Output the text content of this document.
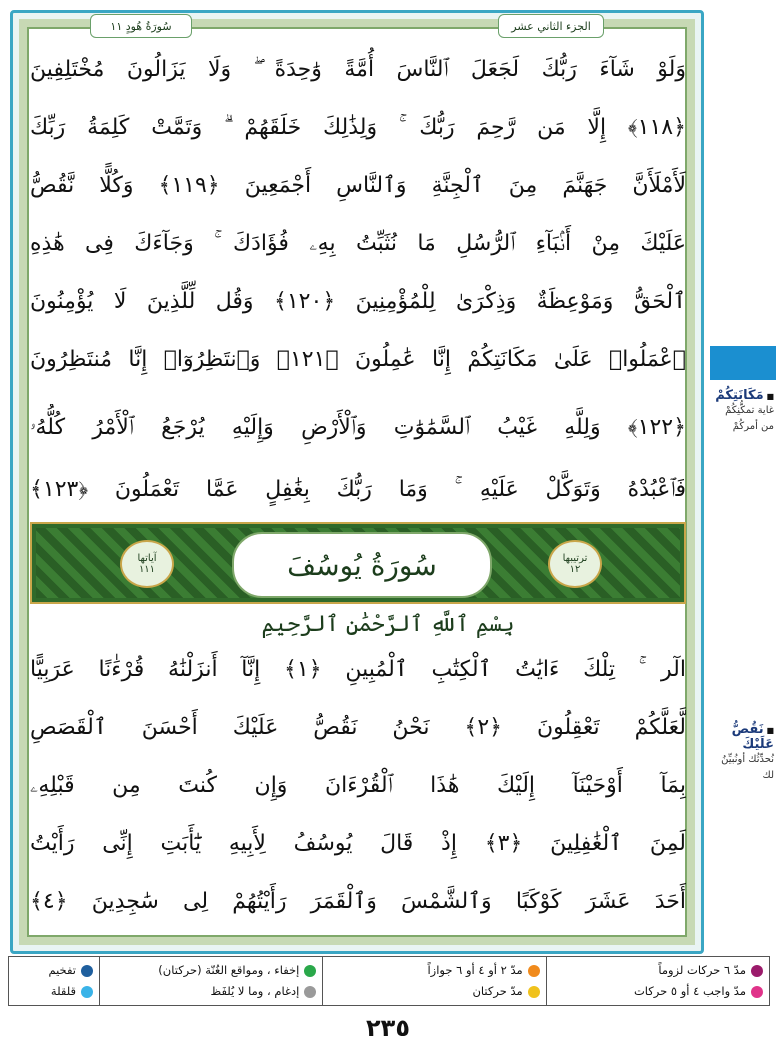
سُورَةُ هُودٍ ١١	الجزء الثاني عشر
وَلَوْ شَآءَ رَبُّكَ لَجَعَلَ ٱلنَّاسَ أُمَّةً وَٰحِدَةً ۖ وَلَا يَزَالُونَ مُخْتَلِفِينَ
﴿١١٨﴾ إِلَّا مَن رَّحِمَ رَبُّكَ ۚ وَلِذَٰلِكَ خَلَقَهُمْ ۗ وَتَمَّتْ كَلِمَةُ رَبِّكَ
لَأَمْلَأَنَّ جَهَنَّمَ مِنَ ٱلْجِنَّةِ وَٱلنَّاسِ أَجْمَعِينَ ﴿١١٩﴾ وَكُلًّا نَّقُصُّ
عَلَيْكَ مِنْ أَنۢبَآءِ ٱلرُّسُلِ مَا نُثَبِّتُ بِهِۦ فُؤَادَكَ ۚ وَجَآءَكَ فِى هَٰذِهِ
ٱلْحَقُّ وَمَوْعِظَةٌ وَذِكْرَىٰ لِلْمُؤْمِنِينَ ﴿١٢٠﴾ وَقُل لِّلَّذِينَ لَا يُؤْمِنُونَ
ٱعْمَلُوا۟ عَلَىٰ مَكَانَتِكُمْ إِنَّا عَٰمِلُونَ ﴿١٢١﴾ وَٱنتَظِرُوٓا۟ إِنَّا مُنتَظِرُونَ
﴿١٢٢﴾ وَلِلَّهِ غَيْبُ ٱلسَّمَٰوَٰتِ وَٱلْأَرْضِ وَإِلَيْهِ يُرْجَعُ ٱلْأَمْرُ كُلُّهُۥ
فَٱعْبُدْهُ وَتَوَكَّلْ عَلَيْهِ ۚ وَمَا رَبُّكَ بِغَٰفِلٍ عَمَّا تَعْمَلُونَ ﴿١٢٣﴾
آياتها
١١١	سُورَةُ يُوسُفَ	ترتيبها
١٢
بِسْمِ ٱللَّهِ ٱلرَّحْمَٰنِ ٱلرَّحِيمِ
الٓر ۚ تِلْكَ ءَايَٰتُ ٱلْكِتَٰبِ ٱلْمُبِينِ ﴿١﴾ إِنَّآ أَنزَلْنَٰهُ قُرْءَٰنًا عَرَبِيًّا
لَّعَلَّكُمْ تَعْقِلُونَ ﴿٢﴾ نَحْنُ نَقُصُّ عَلَيْكَ أَحْسَنَ ٱلْقَصَصِ
بِمَآ أَوْحَيْنَآ إِلَيْكَ هَٰذَا ٱلْقُرْءَانَ وَإِن كُنتَ مِن قَبْلِهِۦ
لَمِنَ ٱلْغَٰفِلِينَ ﴿٣﴾ إِذْ قَالَ يُوسُفُ لِأَبِيهِ يَٰٓأَبَتِ إِنِّى رَأَيْتُ
أَحَدَ عَشَرَ كَوْكَبًا وَٱلشَّمْسَ وَٱلْقَمَرَ رَأَيْتُهُمْ لِى سَٰجِدِينَ ﴿٤﴾
■ مَكَانَتِكُمْ
غاية تمكُّنِكُمْ
من أمركُمْ
■ نَقُصُّ عَلَيْكَ
نُحدِّثُك أونُبيِّنُ
لك
مدّ ٦ حركات لزوماً
مدّ واجب ٤ أو ٥ حركات
مدّ ٢ أو ٤ أو ٦ جوازاً
مدّ حركتان
إخفاء ، ومواقع الغُنّة (حركتان)
إدغام ، وما لا يُلفَظ
تفخيم
قلقلة
٢٣٥
